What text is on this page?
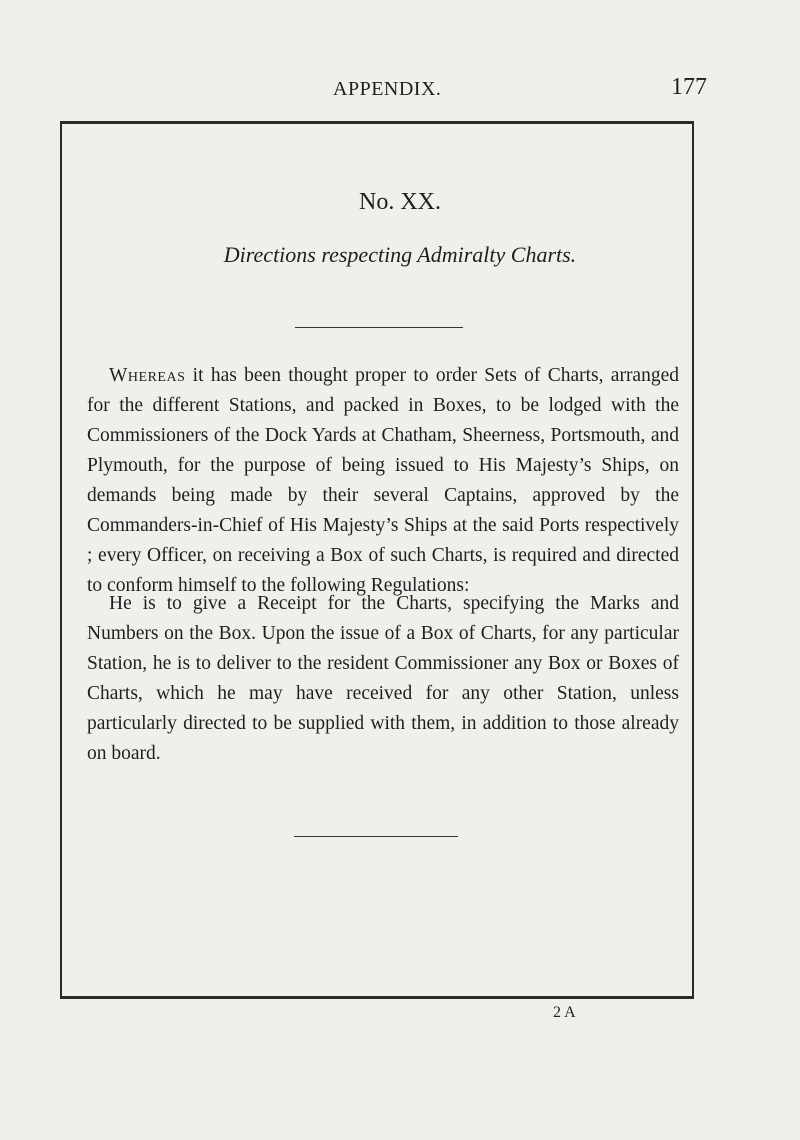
APPENDIX.	177
No. XX.
Directions respecting Admiralty Charts.

Whereas it has been thought proper to order Sets of Charts, arranged for the different Stations, and packed in Boxes, to be lodged with the Commissioners of the Dock Yards at Chatham, Sheerness, Portsmouth, and Plymouth, for the purpose of being issued to His Majesty’s Ships, on demands being made by their several Captains, approved by the Commanders-in-Chief of His Majesty’s Ships at the said Ports respectively ; every Officer, on receiving a Box of such Charts, is required and directed to conform himself to the following Regulations:

He is to give a Receipt for the Charts, specifying the Marks and Numbers on the Box. Upon the issue of a Box of Charts, for any particular Station, he is to deliver to the resident Commissioner any Box or Boxes of Charts, which he may have received for any other Station, unless particularly directed to be supplied with them, in addition to those already on board.

2 A
